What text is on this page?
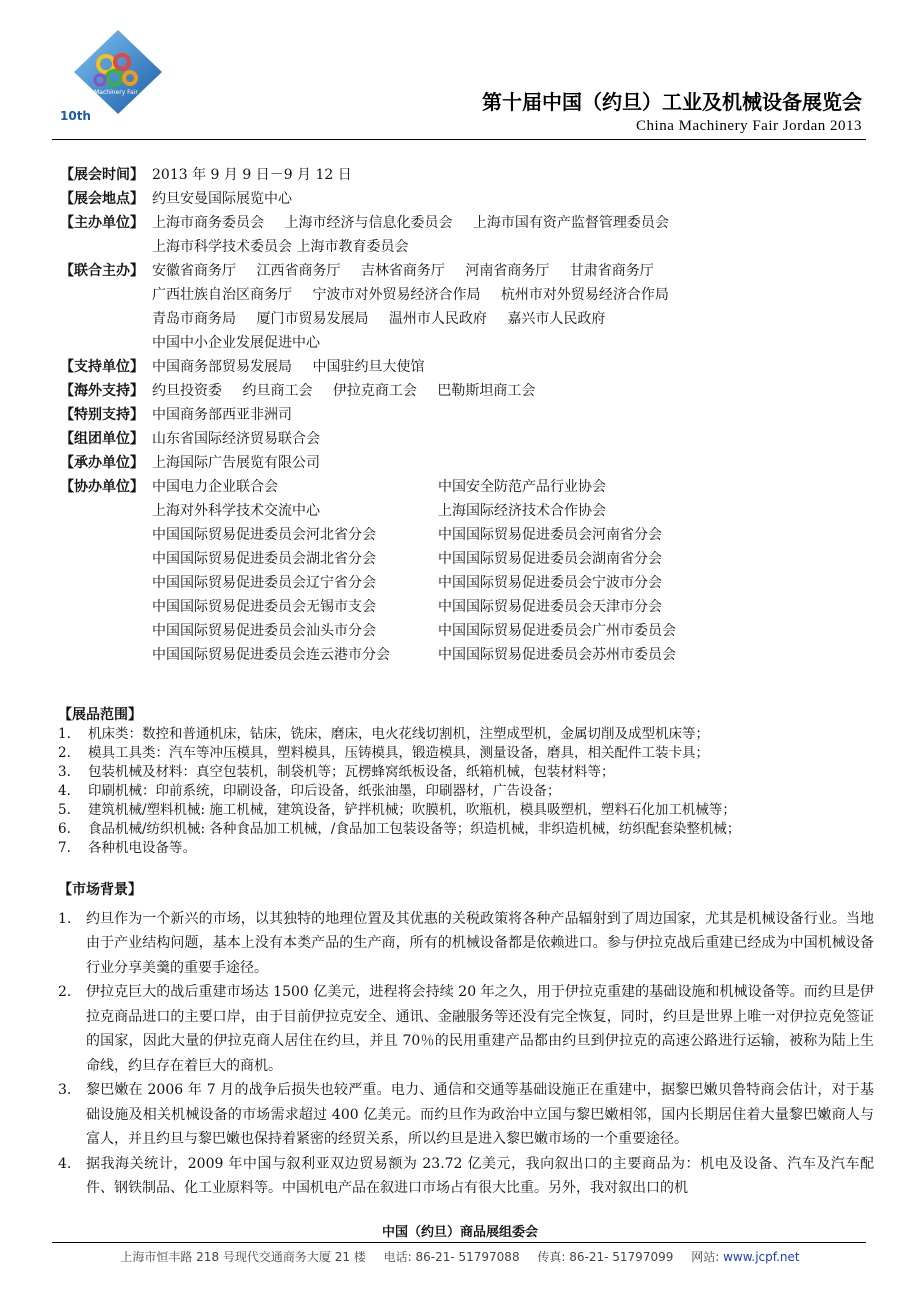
Machinery Fair
10th
第十届中国（约旦）工业及机械设备展览会
China Machinery Fair Jordan 2013
【展会时间】 2013 年 9 月 9 日－9 月 12 日
【展会地点】 约旦安曼国际展览中心
【主办单位】 上海市商务委员会 上海市经济与信息化委员会 上海市国有资产监督管理委员会
上海市科学技术委员会 上海市教育委员会
【联合主办】 安徽省商务厅 江西省商务厅 吉林省商务厅 河南省商务厅 甘肃省商务厅
广西壮族自治区商务厅 宁波市对外贸易经济合作局 杭州市对外贸易经济合作局
青岛市商务局 厦门市贸易发展局 温州市人民政府 嘉兴市人民政府
中国中小企业发展促进中心
【支持单位】 中国商务部贸易发展局 中国驻约旦大使馆
【海外支持】 约旦投资委 约旦商工会 伊拉克商工会 巴勒斯坦商工会
【特别支持】 中国商务部西亚非洲司
【组团单位】 山东省国际经济贸易联合会
【承办单位】 上海国际广告展览有限公司
【协办单位】 中国电力企业联合会	中国安全防范产品行业协会
上海对外科学技术交流中心	上海国际经济技术合作协会
中国国际贸易促进委员会河北省分会	中国国际贸易促进委员会河南省分会
中国国际贸易促进委员会湖北省分会	中国国际贸易促进委员会湖南省分会
中国国际贸易促进委员会辽宁省分会	中国国际贸易促进委员会宁波市分会
中国国际贸易促进委员会无锡市支会	中国国际贸易促进委员会天津市分会
中国国际贸易促进委员会汕头市分会	中国国际贸易促进委员会广州市委员会
中国国际贸易促进委员会连云港市分会	中国国际贸易促进委员会苏州市委员会
【展品范围】
1.	机床类：数控和普通机床，钻床，铣床，磨床，电火花线切割机，注塑成型机，金属切削及成型机床等；
2.	模具工具类：汽车等冲压模具，塑料模具，压铸模具，锻造模具，测量设备，磨具，相关配件工装卡具；
3.	包装机械及材料：真空包装机，制袋机等；瓦楞蜂窝纸板设备，纸箱机械，包装材料等；
4.	印刷机械：印前系统，印刷设备，印后设备，纸张油墨，印刷器材，广告设备；
5.	建筑机械/塑料机械: 施工机械，建筑设备，铲拌机械；吹膜机，吹瓶机，模具吸塑机，塑料石化加工机械等；
6.	食品机械/纺织机械: 各种食品加工机械，/食品加工包装设备等；织造机械，非织造机械，纺织配套染整机械；
7.	各种机电设备等。
【市场背景】
1.	约旦作为一个新兴的市场，以其独特的地理位置及其优惠的关税政策将各种产品辐射到了周边国家，尤其是机械设备行业。当地由于产业结构问题，基本上没有本类产品的生产商，所有的机械设备都是依赖进口。参与伊拉克战后重建已经成为中国机械设备行业分享美羹的重要手途径。
2.	伊拉克巨大的战后重建市场达 1500 亿美元，进程将会持续 20 年之久，用于伊拉克重建的基础设施和机械设备等。而约旦是伊拉克商品进口的主要口岸，由于目前伊拉克安全、通讯、金融服务等还没有完全恢复，同时，约旦是世界上唯一对伊拉克免签证的国家，因此大量的伊拉克商人居住在约旦，并且 70％的民用重建产品都由约旦到伊拉克的高速公路进行运输，被称为陆上生命线，约旦存在着巨大的商机。
3.	黎巴嫩在 2006 年 7 月的战争后损失也较严重。电力、通信和交通等基础设施正在重建中，据黎巴嫩贝鲁特商会估计，对于基础设施及相关机械设备的市场需求超过 400 亿美元。而约旦作为政治中立国与黎巴嫩相邻，国内长期居住着大量黎巴嫩商人与富人，并且约旦与黎巴嫩也保持着紧密的经贸关系，所以约旦是进入黎巴嫩市场的一个重要途径。
4.	据我海关统计，2009 年中国与叙利亚双边贸易额为 23.72 亿美元，我向叙出口的主要商品为：机电及设备、汽车及汽车配件、钢铁制品、化工业原料等。中国机电产品在叙进口市场占有很大比重。另外，我对叙出口的机
中国（约旦）商品展组委会
上海市恒丰路 218 号现代交通商务大厦 21 楼 电话: 86-21- 51797088 传真: 86-21- 51797099 网站: www.jcpf.net
